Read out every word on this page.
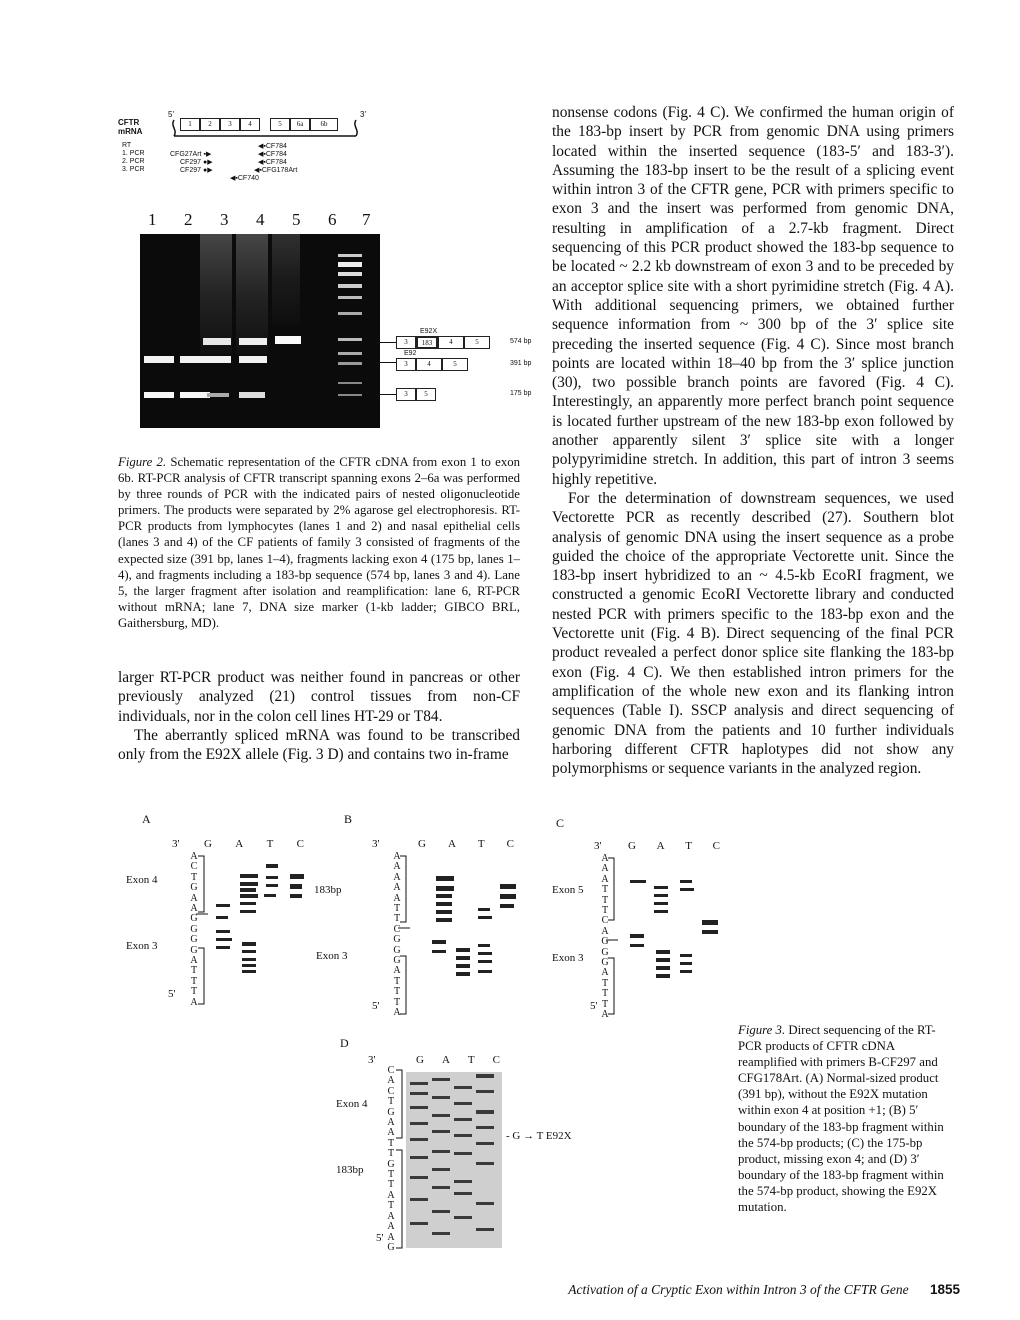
CFTR
mRNA
5'	3'
1	2	3	4	5	6a	6b
RT
1. PCR
2. PCR
3. PCR
CFG27Art ▪▶
CF297 ●▶
CF297 ●▶
◀▪CF784
◀▪CF784
◀▪CF784
◀▪CFG178Art
◀▪CF740
1 2 3 4 5 6 7
E92X
3	183	4	5	574 bp
E92
3	4	5	391 bp
3	5	175 bp
Figure 2. Schematic representation of the CFTR cDNA from exon 1 to exon 6b. RT-PCR analysis of CFTR transcript spanning exons 2–6a was performed by three rounds of PCR with the indicated pairs of nested oligonucleotide primers. The products were separated by 2% agarose gel electrophoresis. RT-PCR products from lymphocytes (lanes 1 and 2) and nasal epithelial cells (lanes 3 and 4) of the CF patients of family 3 consisted of fragments of the expected size (391 bp, lanes 1–4), fragments lacking exon 4 (175 bp, lanes 1–4), and fragments including a 183-bp sequence (574 bp, lanes 3 and 4). Lane 5, the larger fragment after isolation and reamplification: lane 6, RT-PCR without mRNA; lane 7, DNA size marker (1-kb ladder; GIBCO BRL, Gaithersburg, MD).

larger RT-PCR product was neither found in pancreas or other previously analyzed (21) control tissues from non-CF individuals, nor in the colon cell lines HT-29 or T84.

The aberrantly spliced mRNA was found to be transcribed only from the E92X allele (Fig. 3 D) and contains two in-frame

nonsense codons (Fig. 4 C). We confirmed the human origin of the 183-bp insert by PCR from genomic DNA using primers located within the inserted sequence (183-5′ and 183-3′). Assuming the 183-bp insert to be the result of a splicing event within intron 3 of the CFTR gene, PCR with primers specific to exon 3 and the insert was performed from genomic DNA, resulting in amplification of a 2.7-kb fragment. Direct sequencing of this PCR product showed the 183-bp sequence to be located ~ 2.2 kb downstream of exon 3 and to be preceded by an acceptor splice site with a short pyrimidine stretch (Fig. 4 A). With additional sequencing primers, we obtained further sequence information from ~ 300 bp of the 3′ splice site preceding the inserted sequence (Fig. 4 C). Since most branch points are located within 18–40 bp from the 3′ splice junction (30), two possible branch points are favored (Fig. 4 C). Interestingly, an apparently more perfect branch point sequence is located further upstream of the new 183-bp exon followed by another apparently silent 3′ splice site with a longer polypyrimidine stretch. In addition, this part of intron 3 seems highly repetitive.

For the determination of downstream sequences, we used Vectorette PCR as recently described (27). Southern blot analysis of genomic DNA using the insert sequence as a probe guided the choice of the appropriate Vectorette unit. Since the 183-bp insert hybridized to an ~ 4.5-kb EcoRI fragment, we constructed a genomic EcoRI Vectorette library and conducted nested PCR with primers specific to the 183-bp exon and the Vectorette unit (Fig. 4 B). Direct sequencing of the final PCR product revealed a perfect donor splice site flanking the 183-bp exon (Fig. 4 C). We then established intron primers for the amplification of the whole new exon and its flanking intron sequences (Table I). SSCP analysis and direct sequencing of genomic DNA from the patients and 10 further individuals harboring different CFTR haplotypes did not show any polymorphisms or sequence variants in the analyzed region.

A
3' G A T C
A
C
T
G
A
A
G
G
G
G
A
T
T
T
A
Exon 4
Exon 3
5'
B
3'	G A T C
A
A
A
A
A
T
T
C
G
G
G
A
T
T
T
A
183bp
Exon 3
5'
C
3' G A T C
A
A
A
T
T
T
C
A
G
G
G
A
T
T
T
A
Exon 5
Exon 3
5'
D
3'	G A T C
C
A
C
T
G
A
A
T
T
G
T
T
A
T
A
A
A
G
Exon 4
183bp
- G → T E92X
5'
Figure 3. Direct sequencing of the RT-PCR products of CFTR cDNA reamplified with primers B-CF297 and CFG178Art. (A) Normal-sized product (391 bp), without the E92X mutation within exon 4 at position +1; (B) 5′ boundary of the 183-bp fragment within the 574-bp products; (C) the 175-bp product, missing exon 4; and (D) 3′ boundary of the 183-bp fragment within the 574-bp product, showing the E92X mutation.
Activation of a Cryptic Exon within Intron 3 of the CFTR Gene 1855
